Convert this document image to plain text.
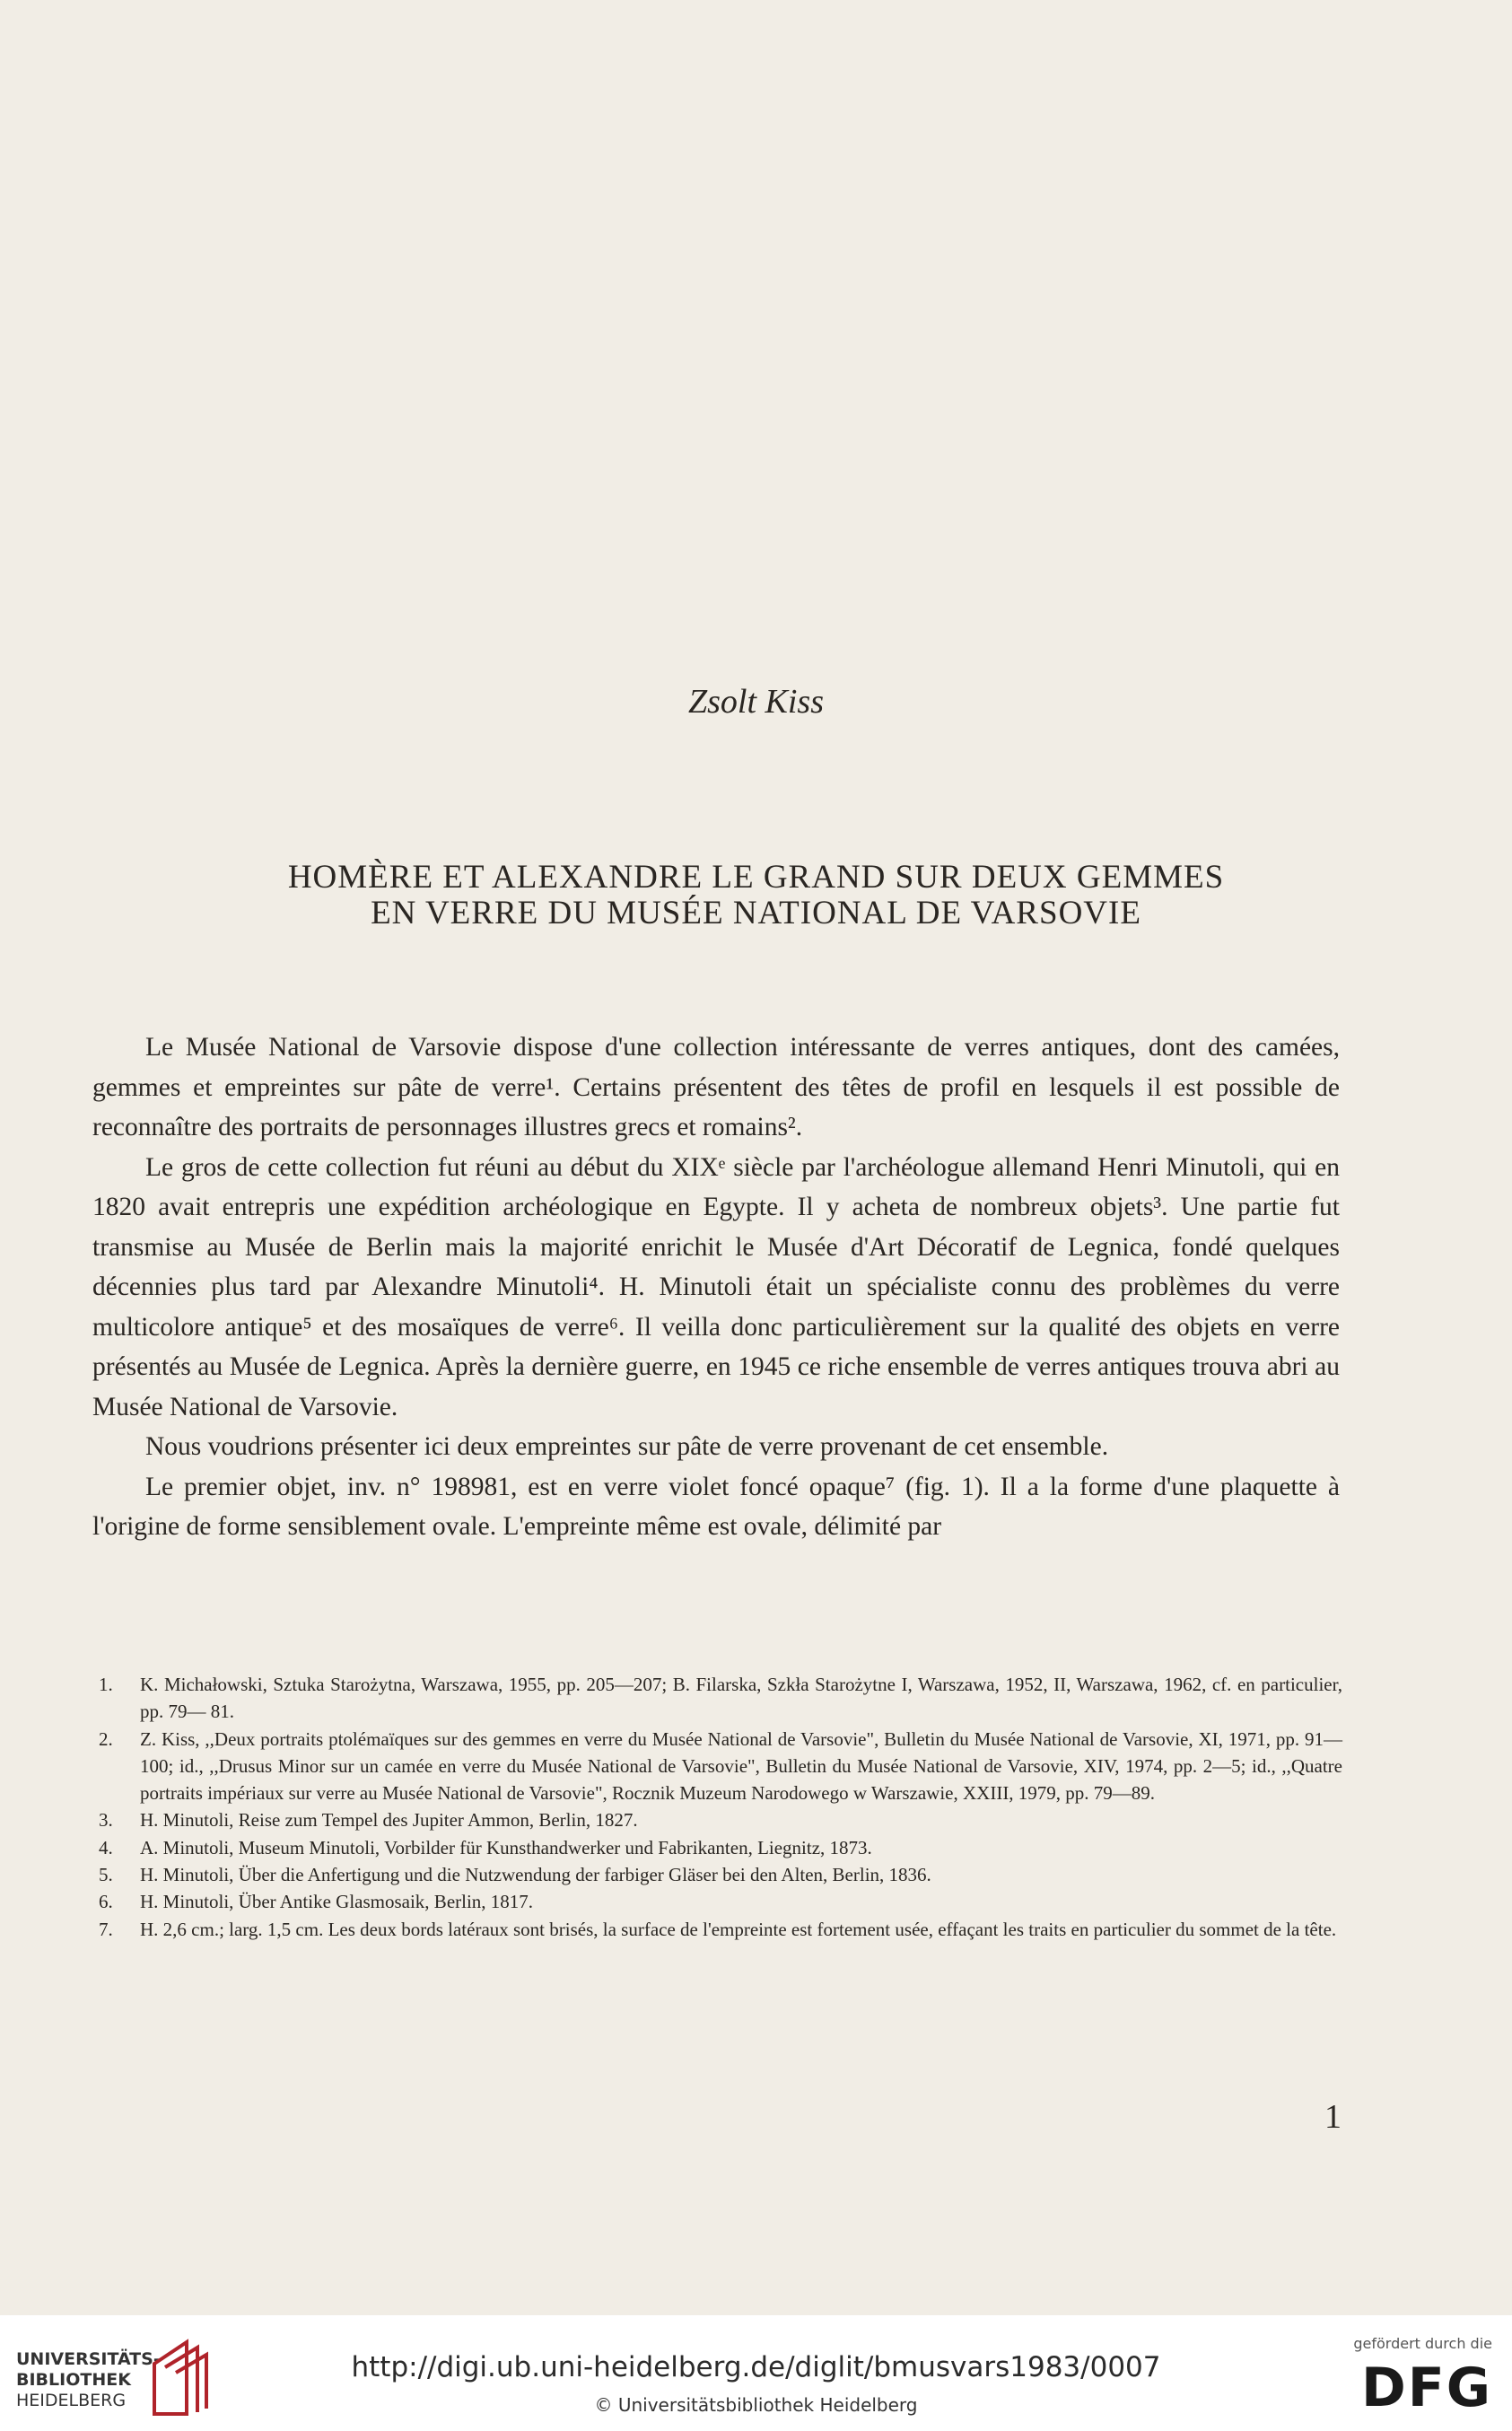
Zsolt Kiss
HOMÈRE ET ALEXANDRE LE GRAND SUR DEUX GEMMES
EN VERRE DU MUSÉE NATIONAL DE VARSOVIE

Le Musée National de Varsovie dispose d'une collection intéressante de verres antiques, dont des camées, gemmes et empreintes sur pâte de verre¹. Certains présentent des têtes de profil en lesquels il est possible de reconnaître des portraits de personnages illustres grecs et romains².

Le gros de cette collection fut réuni au début du XIXᵉ siècle par l'archéologue allemand Henri Minutoli, qui en 1820 avait entrepris une expédition archéologique en Egypte. Il y acheta de nombreux objets³. Une partie fut transmise au Musée de Berlin mais la majorité enrichit le Musée d'Art Décoratif de Legnica, fondé quelques décennies plus tard par Alexandre Minutoli⁴. H. Minutoli était un spécialiste connu des problèmes du verre multicolore antique⁵ et des mosaïques de verre⁶. Il veilla donc particulièrement sur la qualité des objets en verre présentés au Musée de Legnica. Après la dernière guerre, en 1945 ce riche ensemble de verres antiques trouva abri au Musée National de Varsovie.

Nous voudrions présenter ici deux empreintes sur pâte de verre provenant de cet ensemble.

Le premier objet, inv. n° 198981, est en verre violet foncé opaque⁷ (fig. 1). Il a la forme d'une plaquette à l'origine de forme sensiblement ovale. L'empreinte même est ovale, délimité par

1.	K. Michałowski, Sztuka Starożytna, Warszawa, 1955, pp. 205—207; B. Filarska, Szkła Starożytne I, Warszawa, 1952, II, Warszawa, 1962, cf. en particulier, pp. 79— 81.
2.	Z. Kiss, ,,Deux portraits ptolémaïques sur des gemmes en verre du Musée National de Varsovie", Bulletin du Musée National de Varsovie, XI, 1971, pp. 91—100; id., ,,Drusus Minor sur un camée en verre du Musée National de Varsovie", Bulletin du Musée National de Varsovie, XIV, 1974, pp. 2—5; id., ,,Quatre portraits impériaux sur verre au Musée National de Varsovie", Rocznik Muzeum Narodowego w Warszawie, XXIII, 1979, pp. 79—89.
3.	H. Minutoli, Reise zum Tempel des Jupiter Ammon, Berlin, 1827.
4.	A. Minutoli, Museum Minutoli, Vorbilder für Kunsthandwerker und Fabrikanten, Liegnitz, 1873.
5.	H. Minutoli, Über die Anfertigung und die Nutzwendung der farbiger Gläser bei den Alten, Berlin, 1836.
6.	H. Minutoli, Über Antike Glasmosaik, Berlin, 1817.
7.	H. 2,6 cm.; larg. 1,5 cm. Les deux bords latéraux sont brisés, la surface de l'empreinte est fortement usée, effaçant les traits en particulier du sommet de la tête.
1
UNIVERSITÄTS-
BIBLIOTHEK
HEIDELBERG
http://digi.ub.uni-heidelberg.de/diglit/bmusvars1983/0007
© Universitätsbibliothek Heidelberg
gefördert durch die
DFG
